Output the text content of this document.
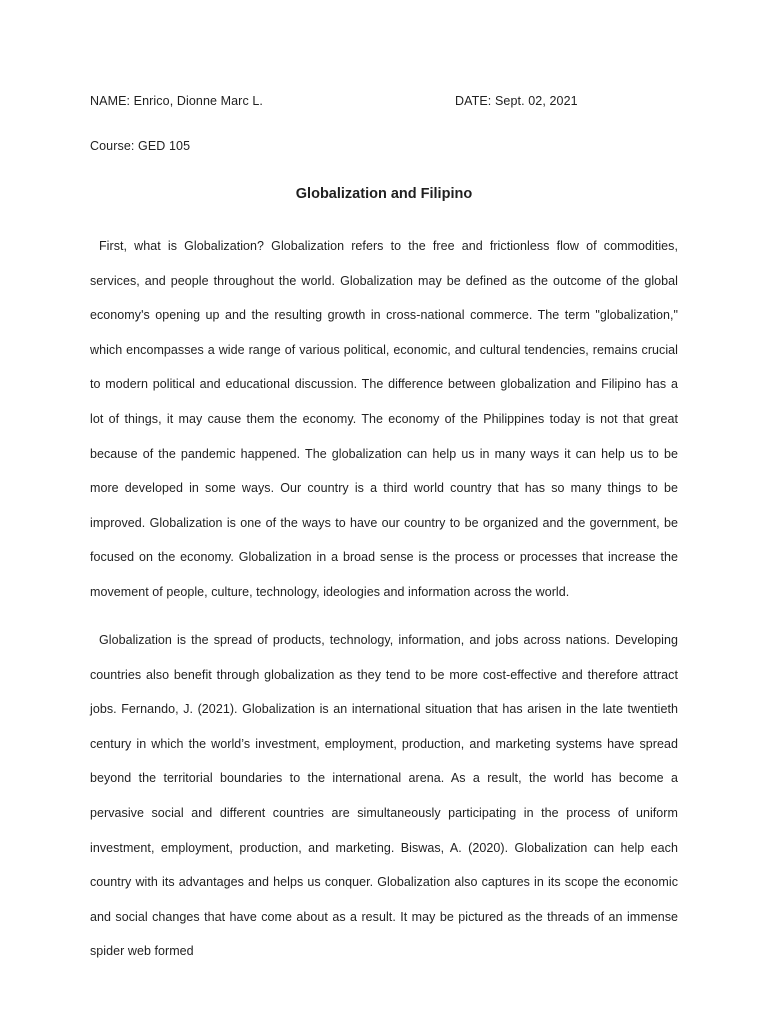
NAME: Enrico, Dionne Marc L.	DATE: Sept. 02, 2021
Course: GED 105
Globalization and Filipino

First, what is Globalization? Globalization refers to the free and frictionless flow of commodities, services, and people throughout the world. Globalization may be defined as the outcome of the global economy's opening up and the resulting growth in cross-national commerce. The term "globalization," which encompasses a wide range of various political, economic, and cultural tendencies, remains crucial to modern political and educational discussion. The difference between globalization and Filipino has a lot of things, it may cause them the economy. The economy of the Philippines today is not that great because of the pandemic happened. The globalization can help us in many ways it can help us to be more developed in some ways. Our country is a third world country that has so many things to be improved. Globalization is one of the ways to have our country to be organized and the government, be focused on the economy. Globalization in a broad sense is the process or processes that increase the movement of people, culture, technology, ideologies and information across the world.

Globalization is the spread of products, technology, information, and jobs across nations. Developing countries also benefit through globalization as they tend to be more cost-effective and therefore attract jobs. Fernando, J. (2021). Globalization is an international situation that has arisen in the late twentieth century in which the world’s investment, employment, production, and marketing systems have spread beyond the territorial boundaries to the international arena. As a result, the world has become a pervasive social and different countries are simultaneously participating in the process of uniform investment, employment, production, and marketing. Biswas, A. (2020). Globalization can help each country with its advantages and helps us conquer. Globalization also captures in its scope the economic and social changes that have come about as a result. It may be pictured as the threads of an immense spider web formed
